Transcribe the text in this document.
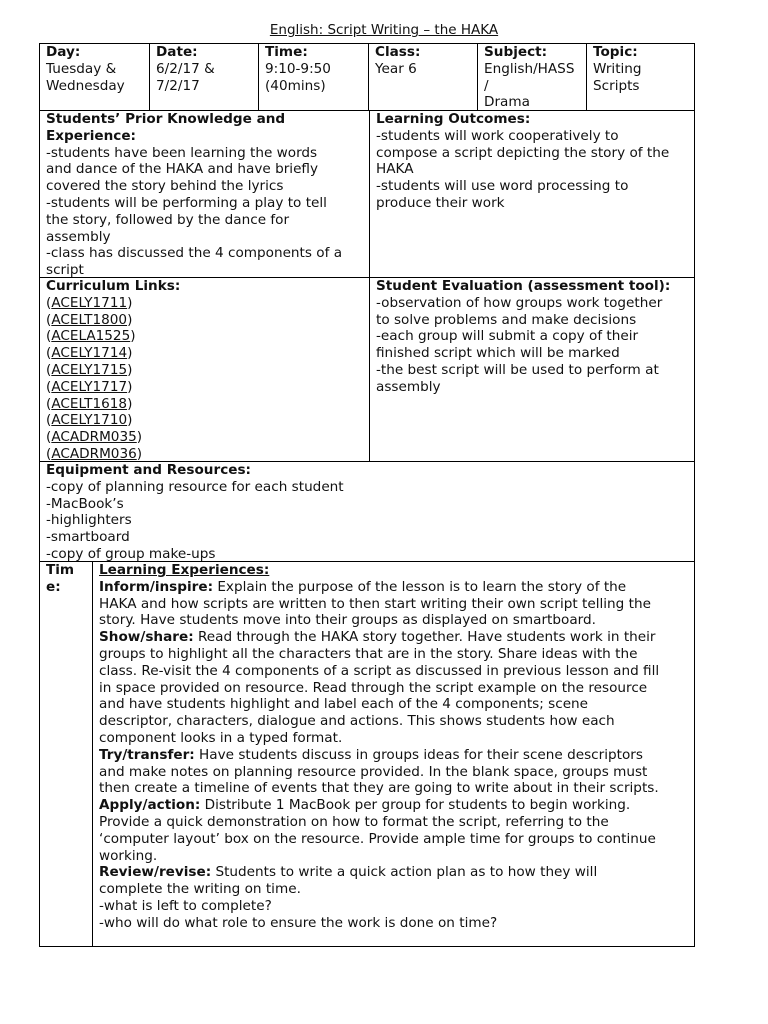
English: Script Writing – the HAKA
Day:
Tuesday &
Wednesday
Date:
6/2/17 &
7/2/17
Time:
9:10-9:50
(40mins)
Class:
Year 6
Subject:
English/HASS
/
Drama
Topic:
Writing
Scripts
Students’ Prior Knowledge and Experience:
-students have been learning the words
and dance of the HAKA and have briefly
covered the story behind the lyrics
-students will be performing a play to tell
the story, followed by the dance for
assembly
-class has discussed the 4 components of a
script
Learning Outcomes:
-students will work cooperatively to
compose a script depicting the story of the
HAKA
-students will use word processing to
produce their work
Curriculum Links:
(ACELY1711)
(ACELT1800)
(ACELA1525)
(ACELY1714)
(ACELY1715)
(ACELY1717)
(ACELT1618)
(ACELY1710)
(ACADRM035)
(ACADRM036)
Student Evaluation (assessment tool):
-observation of how groups work together
to solve problems and make decisions
-each group will submit a copy of their
finished script which will be marked
-the best script will be used to perform at
assembly
Equipment and Resources:
-copy of planning resource for each student
-MacBook’s
-highlighters
-smartboard
-copy of group make-ups
Tim
e:
Learning Experiences:
Inform/inspire: Explain the purpose of the lesson is to learn the story of the
HAKA and how scripts are written to then start writing their own script telling the
story. Have students move into their groups as displayed on smartboard.
Show/share: Read through the HAKA story together. Have students work in their
groups to highlight all the characters that are in the story. Share ideas with the
class. Re-visit the 4 components of a script as discussed in previous lesson and fill
in space provided on resource. Read through the script example on the resource
and have students highlight and label each of the 4 components; scene
descriptor, characters, dialogue and actions. This shows students how each
component looks in a typed format.
Try/transfer: Have students discuss in groups ideas for their scene descriptors
and make notes on planning resource provided. In the blank space, groups must
then create a timeline of events that they are going to write about in their scripts.
Apply/action: Distribute 1 MacBook per group for students to begin working.
Provide a quick demonstration on how to format the script, referring to the
‘computer layout’ box on the resource. Provide ample time for groups to continue
working.
Review/revise: Students to write a quick action plan as to how they will
complete the writing on time.
-what is left to complete?
-who will do what role to ensure the work is done on time?
